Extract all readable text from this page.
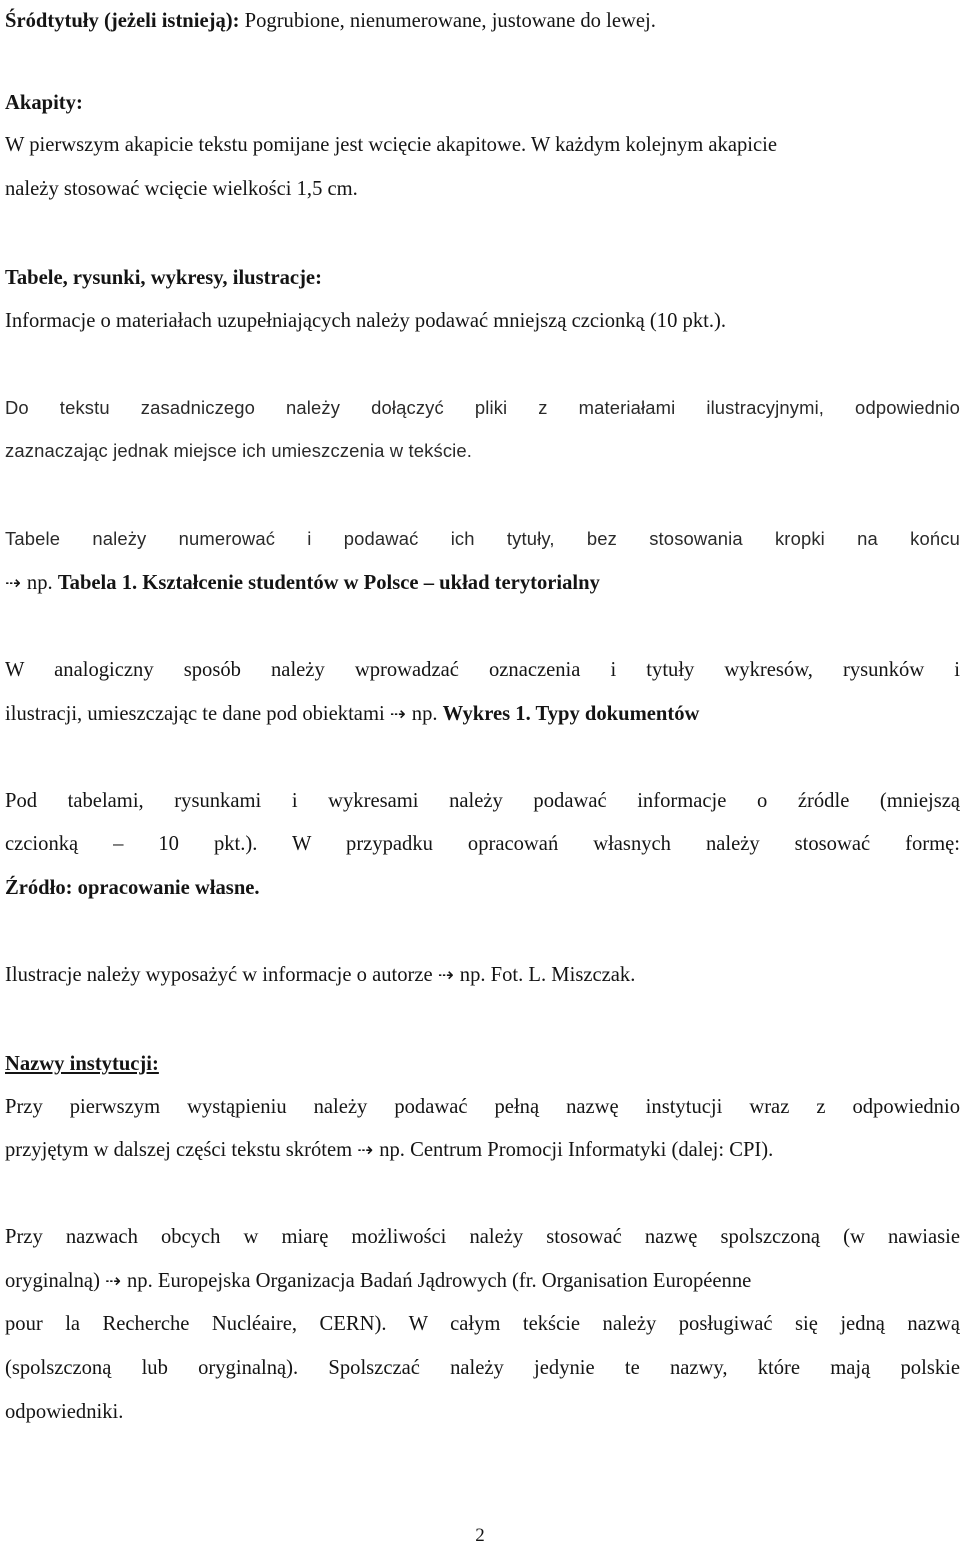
Śródtytuły (jeżeli istnieją): Pogrubione, nienumerowane, justowane do lewej.
Akapity:
W pierwszym akapicie tekstu pomijane jest wcięcie akapitowe. W każdym kolejnym akapicie
należy stosować wcięcie wielkości 1,5 cm.
Tabele, rysunki, wykresy, ilustracje:
Informacje o materiałach uzupełniających należy podawać mniejszą czcionką (10 pkt.).
Do tekstu zasadniczego należy dołączyć pliki z materiałami ilustracyjnymi, odpowiednio
zaznaczając jednak miejsce ich umieszczenia w tekście.
Tabele należy numerować i podawać ich tytuły, bez stosowania kropki na końcu
⇢ np. Tabela 1. Kształcenie studentów w Polsce – układ terytorialny
W analogiczny sposób należy wprowadzać oznaczenia i tytuły wykresów, rysunków i
ilustracji, umieszczając te dane pod obiektami ⇢ np. Wykres 1. Typy dokumentów
Pod tabelami, rysunkami i wykresami należy podawać informacje o źródle (mniejszą
czcionką – 10 pkt.). W przypadku opracowań własnych należy stosować formę:
Źródło: opracowanie własne.
Ilustracje należy wyposażyć w informacje o autorze ⇢ np. Fot. L. Miszczak.
Nazwy instytucji:
Przy pierwszym wystąpieniu należy podawać pełną nazwę instytucji wraz z odpowiednio
przyjętym w dalszej części tekstu skrótem ⇢ np. Centrum Promocji Informatyki (dalej: CPI).
Przy nazwach obcych w miarę możliwości należy stosować nazwę spolszczoną (w nawiasie
oryginalną) ⇢ np. Europejska Organizacja Badań Jądrowych (fr. Organisation Européenne
pour la Recherche Nucléaire, CERN). W całym tekście należy posługiwać się jedną nazwą
(spolszczoną lub oryginalną). Spolszczać należy jedynie te nazwy, które mają polskie
odpowiedniki.
2
